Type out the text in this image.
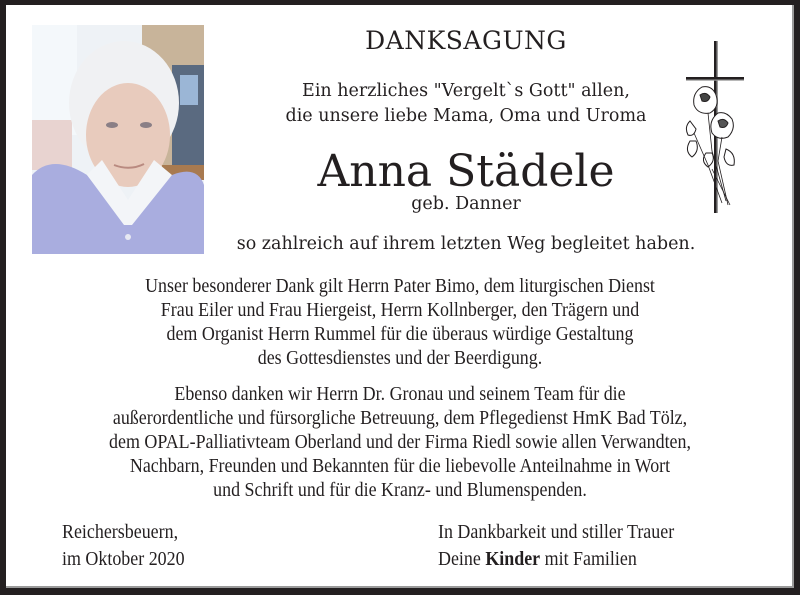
DANKSAGUNG
Ein herzliches "Vergelt`s Gott" allen,
die unsere liebe Mama, Oma und Uroma
Anna Städele
geb. Danner
so zahlreich auf ihrem letzten Weg begleitet haben.
Unser besonderer Dank gilt Herrn Pater Bimo, dem liturgischen Dienst
Frau Eiler und Frau Hiergeist, Herrn Kollnberger, den Trägern und
dem Organist Herrn Rummel für die überaus würdige Gestaltung
des Gottesdienstes und der Beerdigung.
Ebenso danken wir Herrn Dr. Gronau und seinem Team für die
außerordentliche und fürsorgliche Betreuung, dem Pflegedienst HmK Bad Tölz,
dem OPAL-Palliativteam Oberland und der Firma Riedl sowie allen Verwandten,
Nachbarn, Freunden und Bekannten für die liebevolle Anteilnahme in Wort
und Schrift und für die Kranz- und Blumenspenden.
Reichersbeuern,
im Oktober 2020
In Dankbarkeit und stiller Trauer
Deine Kinder mit Familien
